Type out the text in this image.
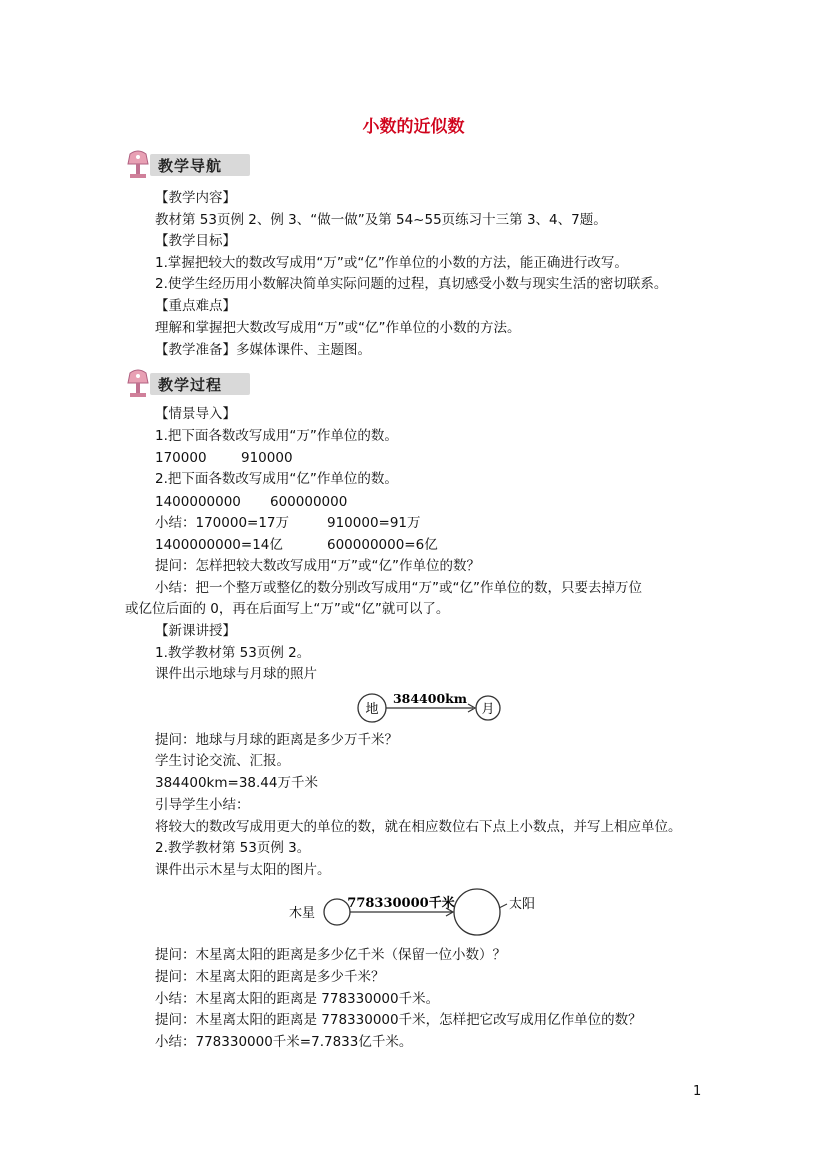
小数的近似数
教学导航
【教学内容】
教材第 53页例 2、例 3、“做一做”及第 54~55页练习十三第 3、4、7题。
【教学目标】
1.掌握把较大的数改写成用“万”或“亿”作单位的小数的方法，能正确进行改写。
2.使学生经历用小数解决简单实际问题的过程，真切感受小数与现实生活的密切联系。
【重点难点】
理解和掌握把大数改写成用“万”或“亿”作单位的小数的方法。
【教学准备】多媒体课件、主题图。
教学过程
【情景导入】
1.把下面各数改写成用“万”作单位的数。
170000	910000
2.把下面各数改写成用“亿”作单位的数。
1400000000 600000000
小结：170000=17万	910000=91万
1400000000=14亿	600000000=6亿
提问：怎样把较大数改写成用“万”或“亿”作单位的数？
小结：把一个整万或整亿的数分别改写成用“万”或“亿”作单位的数，只要去掉万位
或亿位后面的 0，再在后面写上“万”或“亿”就可以了。
【新课讲授】
1.教学教材第 53页例 2。
课件出示地球与月球的照片
地
384400km
月
提问：地球与月球的距离是多少万千米？
学生讨论交流、汇报。
384400km=38.44万千米
引导学生小结：
将较大的数改写成用更大的单位的数，就在相应数位右下点上小数点，并写上相应单位。
2.教学教材第 53页例 3。
课件出示木星与太阳的图片。
木星
778330000千米	太阳
提问：木星离太阳的距离是多少亿千米（保留一位小数）？
提问：木星离太阳的距离是多少千米？
小结：木星离太阳的距离是 778330000千米。
提问：木星离太阳的距离是 778330000千米，怎样把它改写成用亿作单位的数？
小结：778330000千米=7.7833亿千米。
1
